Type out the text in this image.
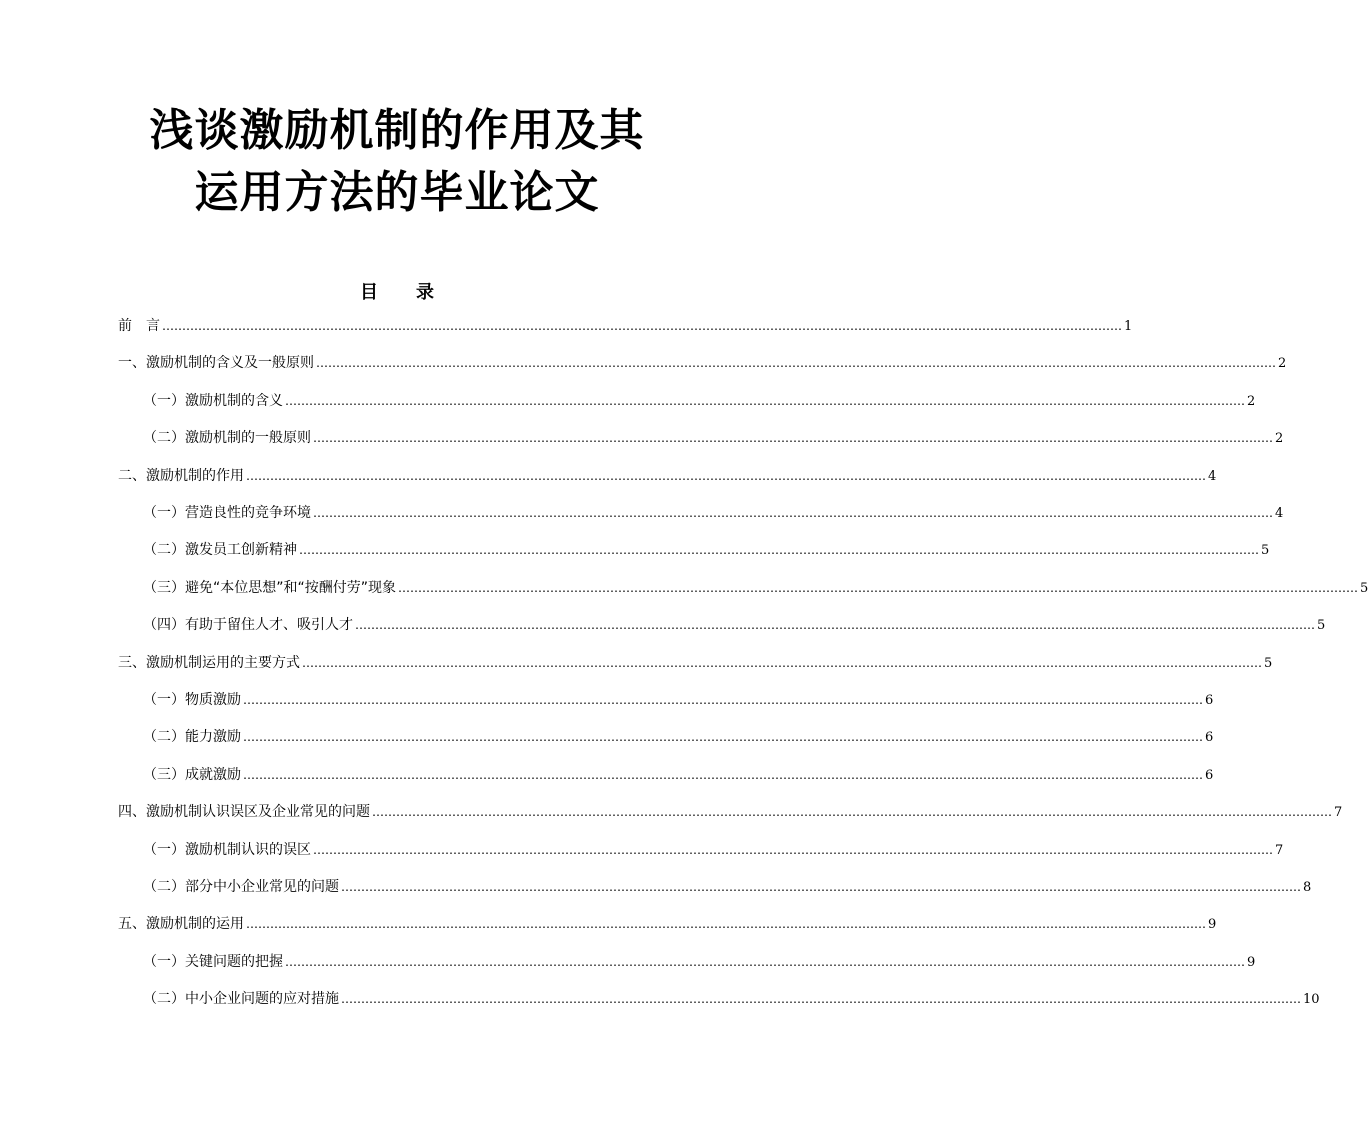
浅谈激励机制的作用及其
运用方法的毕业论文
目 录
前　言 …………………………………………………………………………………………………………………………………………………………………………………………………………………… 1
一、激励机制的含义及一般原则 …………………………………………………………………………………………………………………………………………………………………………………………………………………… 2
（一）激励机制的含义 …………………………………………………………………………………………………………………………………………………………………………………………………………………… 2
（二）激励机制的一般原则 …………………………………………………………………………………………………………………………………………………………………………………………………………………… 2
二、激励机制的作用 …………………………………………………………………………………………………………………………………………………………………………………………………………………… 4
（一）营造良性的竞争环境 …………………………………………………………………………………………………………………………………………………………………………………………………………………… 4
（二）激发员工创新精神 …………………………………………………………………………………………………………………………………………………………………………………………………………………… 5
（三）避免“本位思想”和“按酬付劳”现象 …………………………………………………………………………………………………………………………………………………………………………………………………………………… 5
（四）有助于留住人才、吸引人才 …………………………………………………………………………………………………………………………………………………………………………………………………………………… 5
三、激励机制运用的主要方式 …………………………………………………………………………………………………………………………………………………………………………………………………………………… 5
（一）物质激励 …………………………………………………………………………………………………………………………………………………………………………………………………………………… 6
（二）能力激励 …………………………………………………………………………………………………………………………………………………………………………………………………………………… 6
（三）成就激励 …………………………………………………………………………………………………………………………………………………………………………………………………………………… 6
四、激励机制认识误区及企业常见的问题 …………………………………………………………………………………………………………………………………………………………………………………………………………………… 7
（一）激励机制认识的误区 …………………………………………………………………………………………………………………………………………………………………………………………………………………… 7
（二）部分中小企业常见的问题 …………………………………………………………………………………………………………………………………………………………………………………………………………………… 8
五、激励机制的运用 …………………………………………………………………………………………………………………………………………………………………………………………………………………… 9
（一）关键问题的把握 …………………………………………………………………………………………………………………………………………………………………………………………………………………… 9
（二）中小企业问题的应对措施 …………………………………………………………………………………………………………………………………………………………………………………………………………………… 10
